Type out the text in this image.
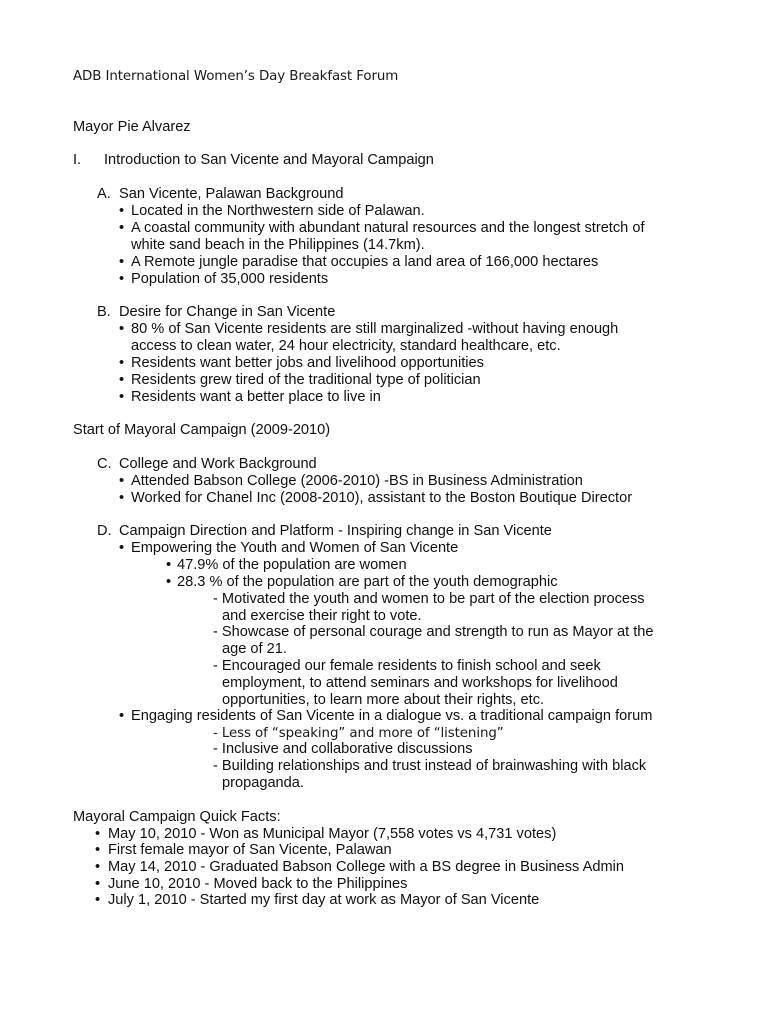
ADB International Women’s Day Breakfast Forum
Mayor Pie Alvarez
I. Introduction to San Vicente and Mayoral Campaign
A. San Vicente, Palawan Background
• Located in the Northwestern side of Palawan.
• A coastal community with abundant natural resources and the longest stretch of
white sand beach in the Philippines (14.7km).
• A Remote jungle paradise that occupies a land area of 166,000 hectares
• Population of 35,000 residents
B. Desire for Change in San Vicente
• 80 % of San Vicente residents are still marginalized -without having enough
access to clean water, 24 hour electricity, standard healthcare, etc.
• Residents want better jobs and livelihood opportunities
• Residents grew tired of the traditional type of politician
• Residents want a better place to live in
Start of Mayoral Campaign (2009-2010)
C. College and Work Background
• Attended Babson College (2006-2010) -BS in Business Administration
• Worked for Chanel Inc (2008-2010), assistant to the Boston Boutique Director
D. Campaign Direction and Platform - Inspiring change in San Vicente
• Empowering the Youth and Women of San Vicente
• 47.9% of the population are women
• 28.3 % of the population are part of the youth demographic
- Motivated the youth and women to be part of the election process
and exercise their right to vote.
- Showcase of personal courage and strength to run as Mayor at the
age of 21.
- Encouraged our female residents to finish school and seek
employment, to attend seminars and workshops for livelihood
opportunities, to learn more about their rights, etc.
• Engaging residents of San Vicente in a dialogue vs. a traditional campaign forum
- Less of “speaking” and more of “listening”
- Inclusive and collaborative discussions
- Building relationships and trust instead of brainwashing with black
propaganda.
Mayoral Campaign Quick Facts:
• May 10, 2010 - Won as Municipal Mayor (7,558 votes vs 4,731 votes)
• First female mayor of San Vicente, Palawan
• May 14, 2010 - Graduated Babson College with a BS degree in Business Admin
• June 10, 2010 - Moved back to the Philippines
• July 1, 2010 - Started my first day at work as Mayor of San Vicente
